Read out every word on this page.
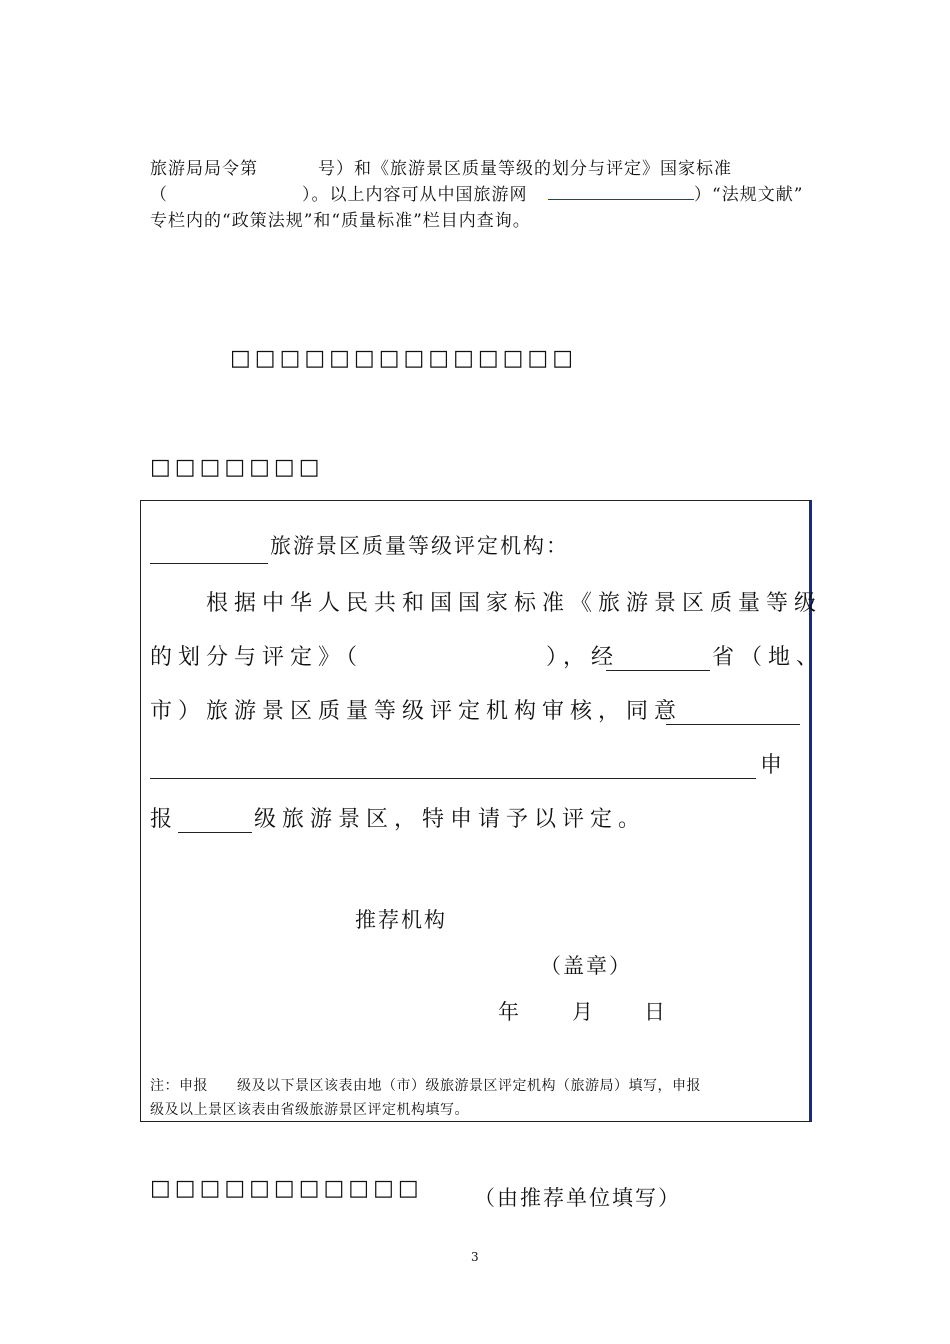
旅游局局令第	号）和《旅游景区质量等级的划分与评定》国家标准
（	）。以上内容可从中国旅游网	）“法规文献”
专栏内的“政策法规”和“质量标准”栏目内查询。
□□□□□□□□□□□□□□
□□□□□□□
旅游景区质量等级评定机构：
根据中华人民共和国国家标准《旅游景区质量等级
的划分与评定》（	），经	省（地、
市）旅游景区质量等级评定机构审核，同意
申
报	级旅游景区，特申请予以评定。
推荐机构
（盖章）
年 月 日
注：申报　　级及以下景区该表由地（市）级旅游景区评定机构（旅游局）填写，申报
级及以上景区该表由省级旅游景区评定机构填写。
□□□□□□□□□□□ （由推荐单位填写）
3
